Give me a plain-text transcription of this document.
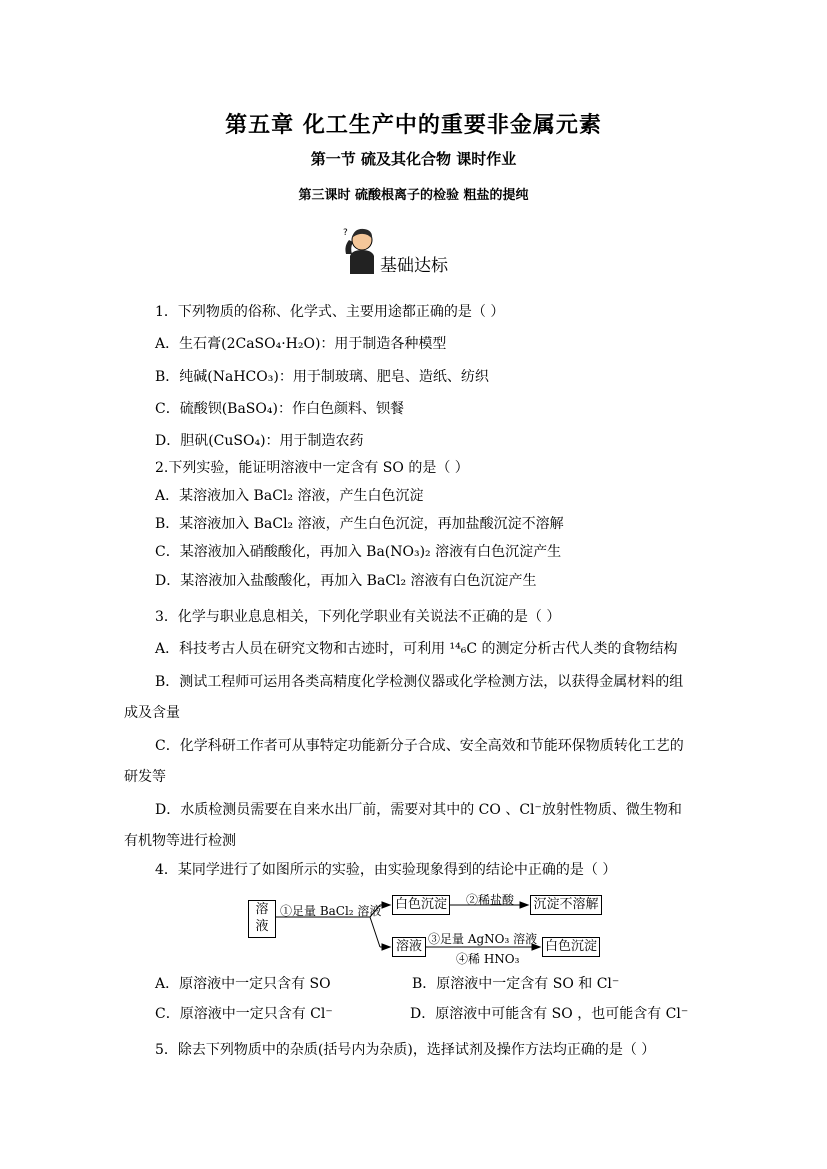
第五章 化工生产中的重要非金属元素
第一节 硫及其化合物 课时作业
第三课时 硫酸根离子的检验 粗盐的提纯
?
基础达标
1．下列物质的俗称、化学式、主要用途都正确的是（ ）
A．生石膏(2CaSO₄·H₂O)：用于制造各种模型
B．纯碱(NaHCO₃)：用于制玻璃、肥皂、造纸、纺织
C．硫酸钡(BaSO₄)：作白色颜料、钡餐
D．胆矾(CuSO₄)：用于制造农药
2.下列实验，能证明溶液中一定含有 SO 的是（ ）
A．某溶液加入 BaCl₂ 溶液，产生白色沉淀
B．某溶液加入 BaCl₂ 溶液，产生白色沉淀，再加盐酸沉淀不溶解
C．某溶液加入硝酸酸化，再加入 Ba(NO₃)₂ 溶液有白色沉淀产生
D．某溶液加入盐酸酸化，再加入 BaCl₂ 溶液有白色沉淀产生
3．化学与职业息息相关，下列化学职业有关说法不正确的是（ ）
A．科技考古人员在研究文物和古迹时，可利用 ¹⁴₆C 的测定分析古代人类的食物结构
B．测试工程师可运用各类高精度化学检测仪器或化学检测方法，以获得金属材料的组
成及含量
C．化学科研工作者可从事特定功能新分子合成、安全高效和节能环保物质转化工艺的
研发等
D．水质检测员需要在自来水出厂前，需要对其中的 CO 、Cl⁻放射性物质、微生物和
有机物等进行检测
4．某同学进行了如图所示的实验，由实验现象得到的结论中正确的是（ ）
溶液
①足量 BaCl₂ 溶液 白色沉淀 ②稀盐酸 沉淀不溶解
溶液 ③足量 AgNO₃ 溶液
④稀 HNO₃
白色沉淀
A．原溶液中一定只含有 SO	B．原溶液中一定含有 SO 和 Cl⁻
C．原溶液中一定只含有 Cl⁻	D．原溶液中可能含有 SO ，也可能含有 Cl⁻
5．除去下列物质中的杂质(括号内为杂质)，选择试剂及操作方法均正确的是（ ）
